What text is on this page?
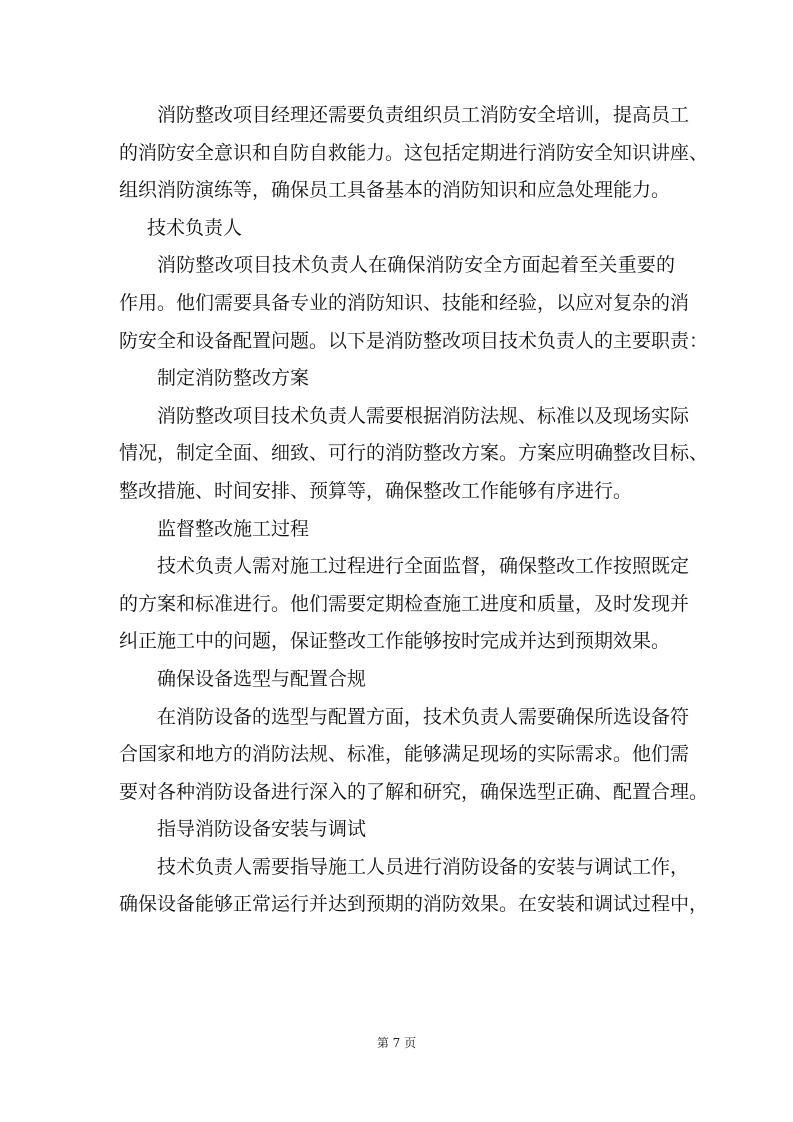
消防整改项目经理还需要负责组织员工消防安全培训，提高员工
的消防安全意识和自防自救能力。这包括定期进行消防安全知识讲座、
组织消防演练等，确保员工具备基本的消防知识和应急处理能力。
技术负责人
消防整改项目技术负责人在确保消防安全方面起着至关重要的
作用。他们需要具备专业的消防知识、技能和经验，以应对复杂的消
防安全和设备配置问题。以下是消防整改项目技术负责人的主要职责：
制定消防整改方案
消防整改项目技术负责人需要根据消防法规、标准以及现场实际
情况，制定全面、细致、可行的消防整改方案。方案应明确整改目标、
整改措施、时间安排、预算等，确保整改工作能够有序进行。
监督整改施工过程
技术负责人需对施工过程进行全面监督，确保整改工作按照既定
的方案和标准进行。他们需要定期检查施工进度和质量，及时发现并
纠正施工中的问题，保证整改工作能够按时完成并达到预期效果。
确保设备选型与配置合规
在消防设备的选型与配置方面，技术负责人需要确保所选设备符
合国家和地方的消防法规、标准，能够满足现场的实际需求。他们需
要对各种消防设备进行深入的了解和研究，确保选型正确、配置合理。
指导消防设备安装与调试
技术负责人需要指导施工人员进行消防设备的安装与调试工作，
确保设备能够正常运行并达到预期的消防效果。在安装和调试过程中，
第 7 页
